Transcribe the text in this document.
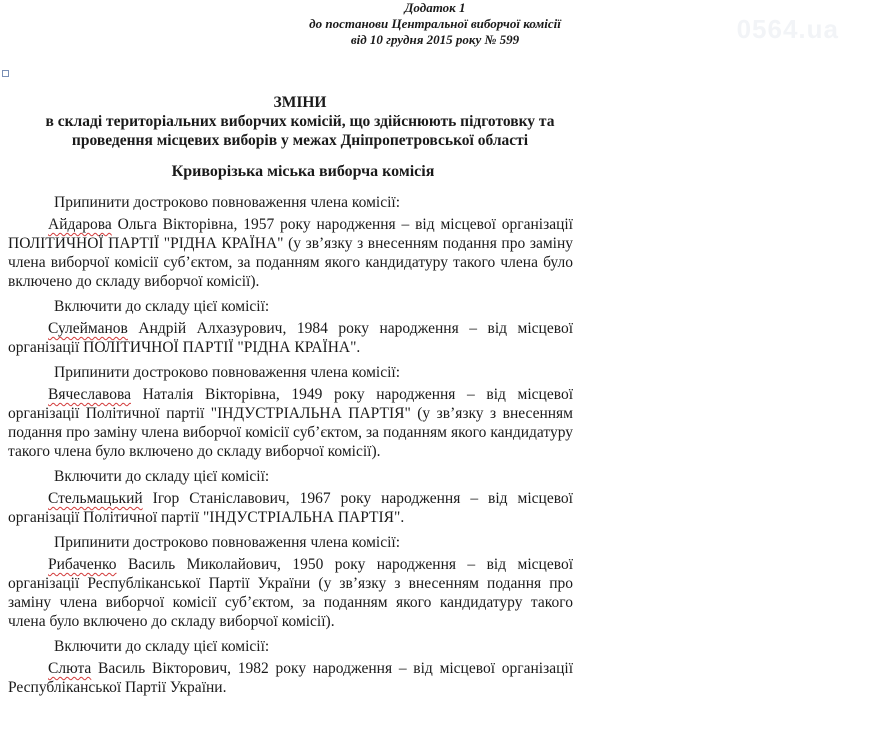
Додаток 1
до постанови Центральної виборчої комісії
від 10 грудня 2015 року № 599	0564.ua
ЗМІНИ
в складі територіальних виборчих комісій, що здійснюють підготовку та
проведення місцевих виборів у межах Дніпропетровської області
Криворізька міська виборча комісія
Припинити достроково повноваження члена комісії:
Айдарова Ольга Вікторівна, 1957 року народження – від місцевої організації ПОЛІТИЧНОЇ ПАРТІЇ "РІДНА КРАЇНА" (у зв’язку з внесенням подання про заміну члена виборчої комісії суб’єктом, за поданням якого кандидатуру такого члена було включено до складу виборчої комісії).
Включити до складу цієї комісії:
Сулейманов Андрій Алхазурович, 1984 року народження – від місцевої організації ПОЛІТИЧНОЇ ПАРТІЇ "РІДНА КРАЇНА".
Припинити достроково повноваження члена комісії:
Вячеславова Наталія Вікторівна, 1949 року народження – від місцевої організації Політичної партії "ІНДУСТРІАЛЬНА ПАРТІЯ" (у зв’язку з внесенням подання про заміну члена виборчої комісії суб’єктом, за поданням якого кандидатуру такого члена було включено до складу виборчої комісії).
Включити до складу цієї комісії:
Стельмацький Ігор Станіславович, 1967 року народження – від місцевої організації Політичної партії "ІНДУСТРІАЛЬНА ПАРТІЯ".
Припинити достроково повноваження члена комісії:
Рибаченко Василь Миколайович, 1950 року народження – від місцевої організації Республіканської Партії України (у зв’язку з внесенням подання про заміну члена виборчої комісії суб’єктом, за поданням якого кандидатуру такого члена було включено до складу виборчої комісії).
Включити до складу цієї комісії:
Слюта Василь Вікторович, 1982 року народження – від місцевої організації Республіканської Партії України.
